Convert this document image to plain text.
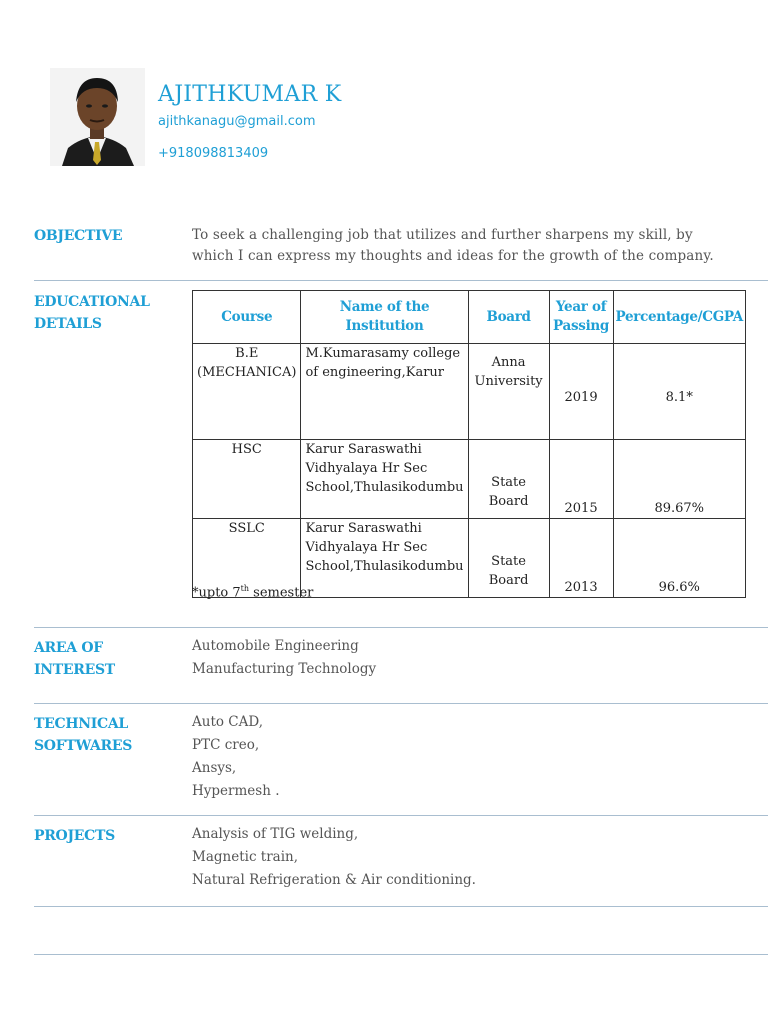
AJITHKUMAR K
ajithkanagu@gmail.com
+918098813409
OBJECTIVE	To seek a challenging job that utilizes and further sharpens my skill, by which I can express my thoughts and ideas for the growth of the company.
EDUCATIONAL
DETAILS	Course	Name of the Institution	Board	Year of Passing	Percentage/CGPA
B.E (MECHANICA)	M.Kumarasamy college of engineering,Karur	Anna University	2019	8.1*
HSC	Karur Saraswathi Vidhyalaya Hr Sec School,Thulasikodumbu	State Board	2015	89.67%
SSLC	Karur Saraswathi Vidhyalaya Hr Sec School,Thulasikodumbu	State Board	2013	96.6%
*upto 7th semester
AREA OF
INTEREST
Automobile Engineering
Manufacturing Technology
TECHNICAL
SOFTWARES
Auto CAD,
PTC creo,
Ansys,
Hypermesh .
PROJECTS	Analysis of TIG welding,
Magnetic train,
Natural Refrigeration & Air conditioning.
